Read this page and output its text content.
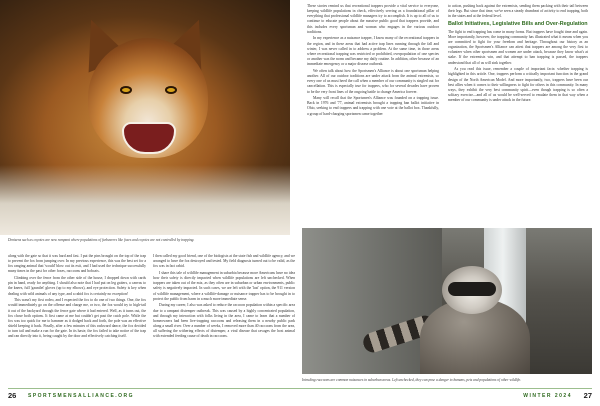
Denizens such as coyotes are now rampant where populations of furbearers like foxes and coyotes are not controlled by trapping.

These stories remind us that recreational trappers provide a vital service to everyone, keeping wildlife populations in check, effectively serving as a foundational pillar of everything that professional wildlife managers try to accomplish. It is up to all of us to continue to educate people about the massive public good that trappers provide, and this includes every sportsman and woman who engages in the various outdoor traditions.

In my experience as a nuisance trapper, I know many of the recreational trappers in the region, and in these areas that had active trap lines running through the fall and winter, I was never called in to address a problem. At the same time, in those areas where recreational trapping was restricted or prohibited, overpopulation of one species or another was the norm and became my daily routine. In addition, other because of an immediate emergency or a major disease outbreak.

We often talk about how the Sportsmen's Alliance is about one sportsman helping another. All of our outdoor traditions are under attack from the animal extremists, so every one of us must heed the call when a member of our community is singled out for cancellation. This is especially true for trappers, who for several decades have proven to be the very front lines of the ongoing battle to change America forever.

Many will recall that the Sportsmen's Alliance was founded on a trapping issue. Back in 1976 and '77, animal extremists brought a trapping ban ballot initiative in Ohio, seeking to end trappers and trapping with one vote at the ballot box. Thankfully, a group of hard-charging sportsmen came together

to action, pushing back against the extremists, sending them packing with their tail between their legs. But since that time, we've seen a steady drumbeat of activity to end trapping, both in the states and at the federal level.

Ballot Initiatives, Legislative Bills and Over-Regulation

The fight to end trapping has come in many forms. But trappers have fought time and again. More importantly, however, the trapping community has illustrated what it means when you are committed to fight for your freedom and heritage. Throughout our history as an organization, the Sportsmen's Alliance can attest that trappers are among the very first to volunteer when other sportsmen and women are under attack, because they know what's at stake. If the extremists win, and that attempt to ban trapping is passed, the trappers understand that all of us will sink together.

As you read this issue, remember a couple of important facts: whether trapping is highlighted in this article. One, trappers perform a critically important function in the grand design of the North American Model. And more importantly, two, trappers have been our best allies when it comes to their willingness to fight for others in this community. In many ways, they exhibit the very best community spirit—even though trapping is so often a solitary exercise—and all of us would be well-served to emulate them in that way when a member of our community is under attack in the future.

along with the gate so that it was hard and fast. I put the pins brought on the top of the trap to prevent the fox from jumping over. In my previous experience, this was the best set for a fox ranging animal that 'would' blow out its exit, and I had used the technique successfully many times in the past for other foxes, raccoons and bobcats.

Climbing over the fence from the other side of the house, I dropped down with cards pin in hand, ready for anything. I should also note that I had put on leg gaiters, a canvas to the knees, full 'gauntlet' gloves (up to my elbows), and eye protection. Safety is key when dealing with wild animals of any type, and a rabid fox is certainly no exception!

This wasn't my first rodeo, and I expected the fox to do one of two things. One, the fox would immediately go on the offense and charge me, or two, the fox would try to high-tail it out of the backyard through the fence gate where it had entered. Well, as it turns out, the fox chose both options. It first came at me but couldn't get past the catch pole. While the fox was too quick for me to hammer as it dodged back and forth, the pole was an effective shield keeping it back. Finally, after a few minutes of this awkward dance, the fox decided to turn tail and make a run for the gate. In its haste, the fox failed to take notice of the trap and ran directly into it, being caught by the door and effectively catching itself.

I then called my good friend, one of the biologists at the state fish and wildlife agency, and we arranged to have the fox destroyed and tested. My field diagnosis turned out to be valid, as the fox was in fact rabid.

I share this tale of wildlife management in suburbia because more Americans have no idea how their safety is directly impacted when wildlife populations are left unchecked. When trappers are taken out of the mix, as they often are in suburban or urban environments, public safety is negatively impacted. In such cases, we are left with the 'last' option, the 911 version of wildlife management, where a wildlife-damage or nuisance trapper has to be brought in to protect the public from harm in a much more immediate sense.

During my career, I also was asked to reduce the raccoon population within a specific area due to a rampant distemper outbreak. This was caused by a highly concentrated population, and through my interaction with folks living in the area, I came to learn that a number of homeowners had been live-trapping raccoons and releasing them in a nearby public park along a small river. Over a number of weeks, I removed more than 40 raccoons from the area, all suffering the withering effects of distemper, a viral disease that ravages the host animal with extended feeding cause of death in raccoons.

Intruding raccoons are common nuisances in suburban areas. Left unchecked, they can pose a danger to humans, pets and populations of other wildlife.
26 SPORTSMENSALLIANCE.ORG	WINTER 2024 27
